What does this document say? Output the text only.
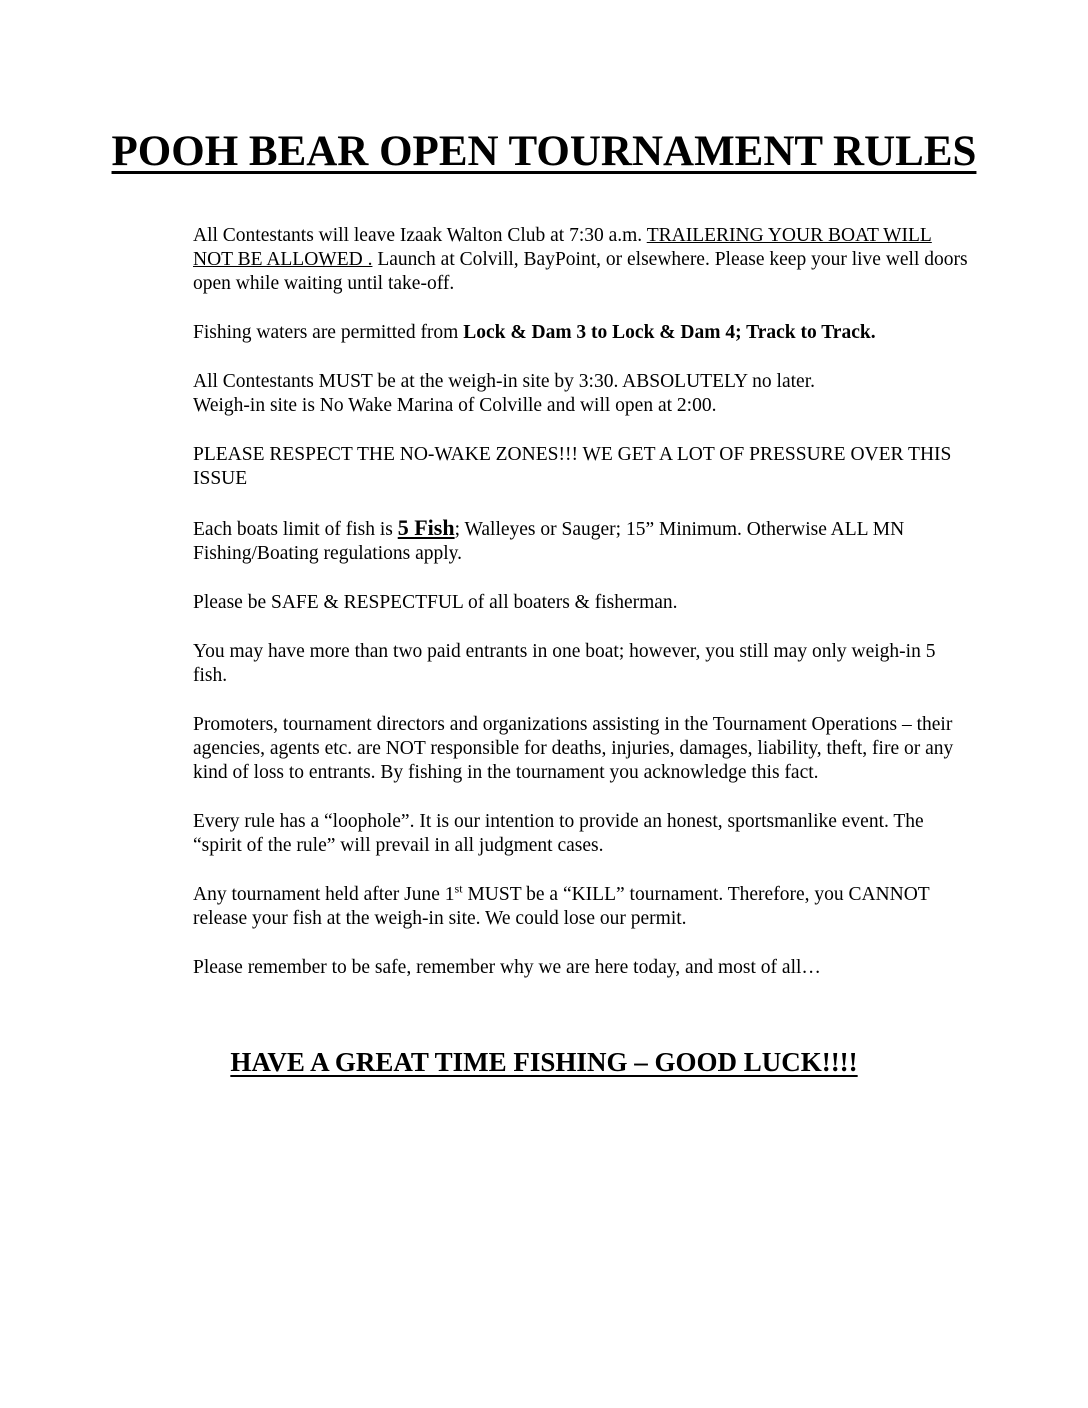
POOH BEAR OPEN TOURNAMENT RULES

All Contestants will leave Izaak Walton Club at 7:30 a.m. TRAILERING YOUR BOAT WILL NOT BE ALLOWED . Launch at Colvill, BayPoint, or elsewhere. Please keep your live well doors open while waiting until take-off.

Fishing waters are permitted from Lock & Dam 3 to Lock & Dam 4; Track to Track.

All Contestants MUST be at the weigh-in site by 3:30. ABSOLUTELY no later.
Weigh-in site is No Wake Marina of Colville and will open at 2:00.

PLEASE RESPECT THE NO-WAKE ZONES!!! WE GET A LOT OF PRESSURE OVER THIS ISSUE

Each boats limit of fish is 5 Fish; Walleyes or Sauger; 15” Minimum. Otherwise ALL MN Fishing/Boating regulations apply.

Please be SAFE & RESPECTFUL of all boaters & fisherman.

You may have more than two paid entrants in one boat; however, you still may only weigh-in 5 fish.

Promoters, tournament directors and organizations assisting in the Tournament Operations – their agencies, agents etc. are NOT responsible for deaths, injuries, damages, liability, theft, fire or any kind of loss to entrants. By fishing in the tournament you acknowledge this fact.

Every rule has a “loophole”. It is our intention to provide an honest, sportsmanlike event. The “spirit of the rule” will prevail in all judgment cases.

Any tournament held after June 1st MUST be a “KILL” tournament. Therefore, you CANNOT release your fish at the weigh-in site. We could lose our permit.

Please remember to be safe, remember why we are here today, and most of all…

HAVE A GREAT TIME FISHING – GOOD LUCK!!!!
